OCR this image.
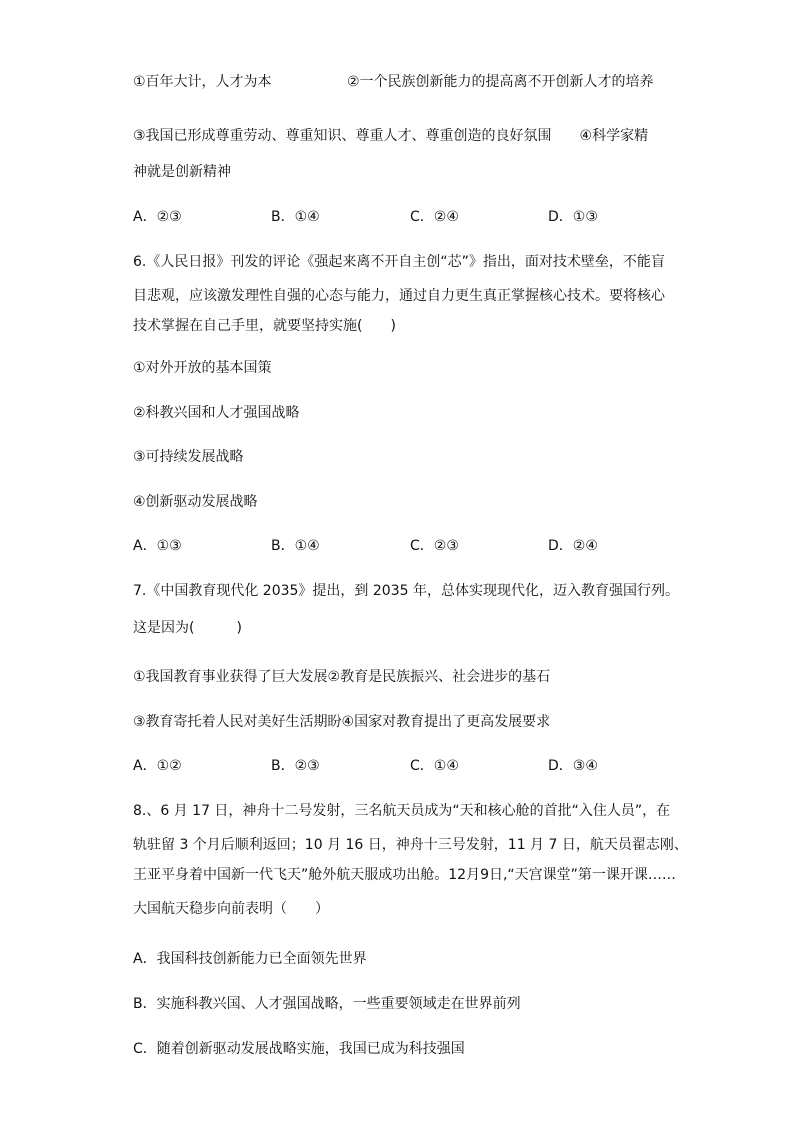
①百年大计，人才为本	②一个民族创新能力的提高离不开创新人才的培养
③我国已形成尊重劳动、尊重知识、尊重人才、尊重创造的良好氛围　　④科学家精
神就是创新精神
A．②③	B．①④	C．②④	D．①③
6.《人民日报》刊发的评论《强起来离不开自主创“芯”》指出，面对技术壁垒，不能盲
目悲观，应该激发理性自强的心态与能力，通过自力更生真正掌握核心技术。要将核心
技术掌握在自己手里，就要坚持实施(　　)
①对外开放的基本国策
②科教兴国和人才强国战略
③可持续发展战略
④创新驱动发展战略
A．①③	B．①④	C．②③	D．②④
7.《中国教育现代化 2035》提出，到 2035 年，总体实现现代化，迈入教育强国行列。
这是因为(　　　)
①我国教育事业获得了巨大发展②教育是民族振兴、社会进步的基石
③教育寄托着人民对美好生活期盼④国家对教育提出了更高发展要求
A．①②	B．②③	C．①④	D．③④
8.、6 月 17 日，神舟十二号发射，三名航天员成为“天和核心舱的首批“入住人员”，在
轨驻留 3 个月后顺利返回；10 月 16 日，神舟十三号发射，11 月 7 日，航天员翟志刚、
王亚平身着中国新一代飞天”舱外航天服成功出舱。12月9日,“天宫课堂”第一课开课……
大国航天稳步向前表明（　　）
A．我国科技创新能力已全面领先世界
B．实施科教兴国、人才强国战略，一些重要领域走在世界前列
C．随着创新驱动发展战略实施，我国已成为科技强国
